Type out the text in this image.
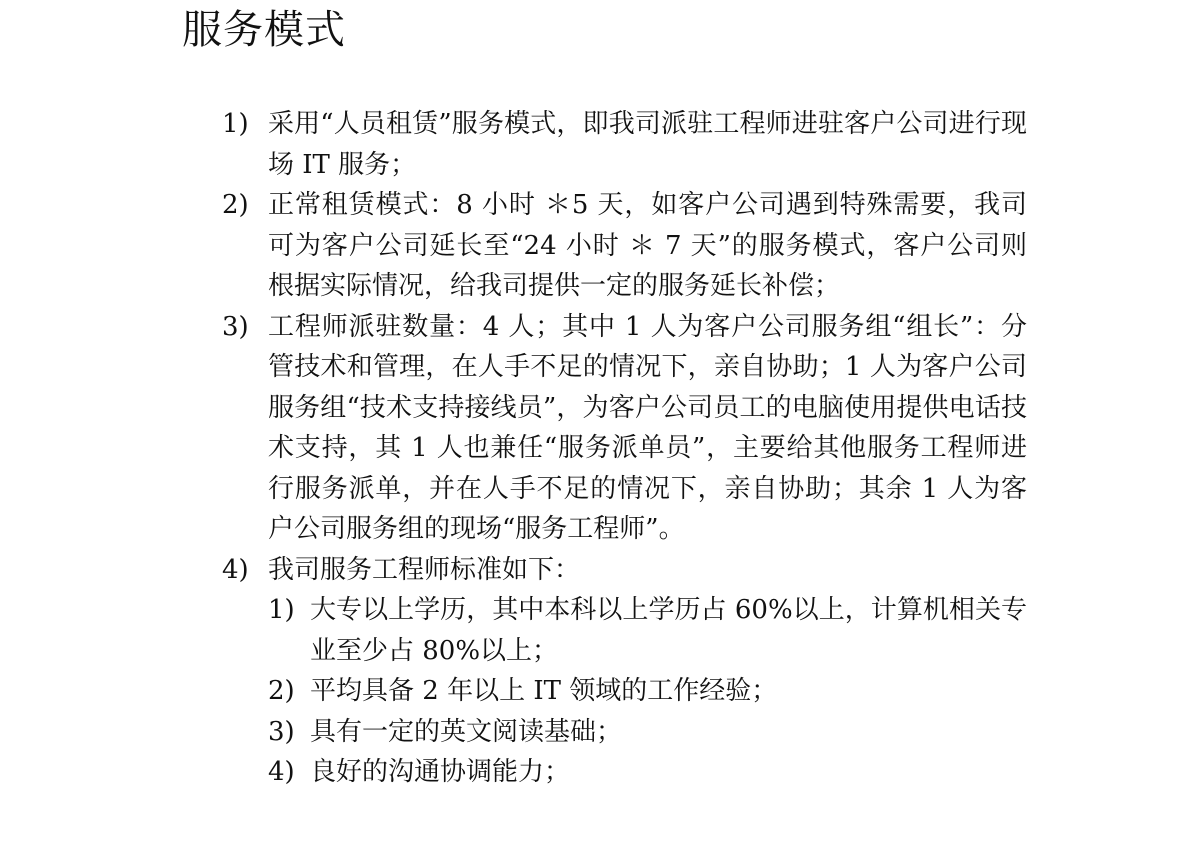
服务模式
1) 采用“人员租赁”服务模式，即我司派驻工程师进驻客户公司进行现场 IT 服务；
2) 正常租赁模式：8 小时 ＊5 天，如客户公司遇到特殊需要，我司可为客户公司延长至“24 小时 ＊ 7 天”的服务模式，客户公司则根据实际情况，给我司提供一定的服务延长补偿；
3) 工程师派驻数量：4 人；其中 1 人为客户公司服务组“组长”：分管技术和管理，在人手不足的情况下，亲自协助；1 人为客户公司服务组“技术支持接线员”，为客户公司员工的电脑使用提供电话技术支持，其 1 人也兼任“服务派单员”，主要给其他服务工程师进行服务派单，并在人手不足的情况下，亲自协助；其余 1 人为客户公司服务组的现场“服务工程师”。
4) 我司服务工程师标准如下：
1) 大专以上学历，其中本科以上学历占 60%以上，计算机相关专业至少占 80%以上；
2) 平均具备 2 年以上 IT 领域的工作经验；
3) 具有一定的英文阅读基础；
4) 良好的沟通协调能力；
